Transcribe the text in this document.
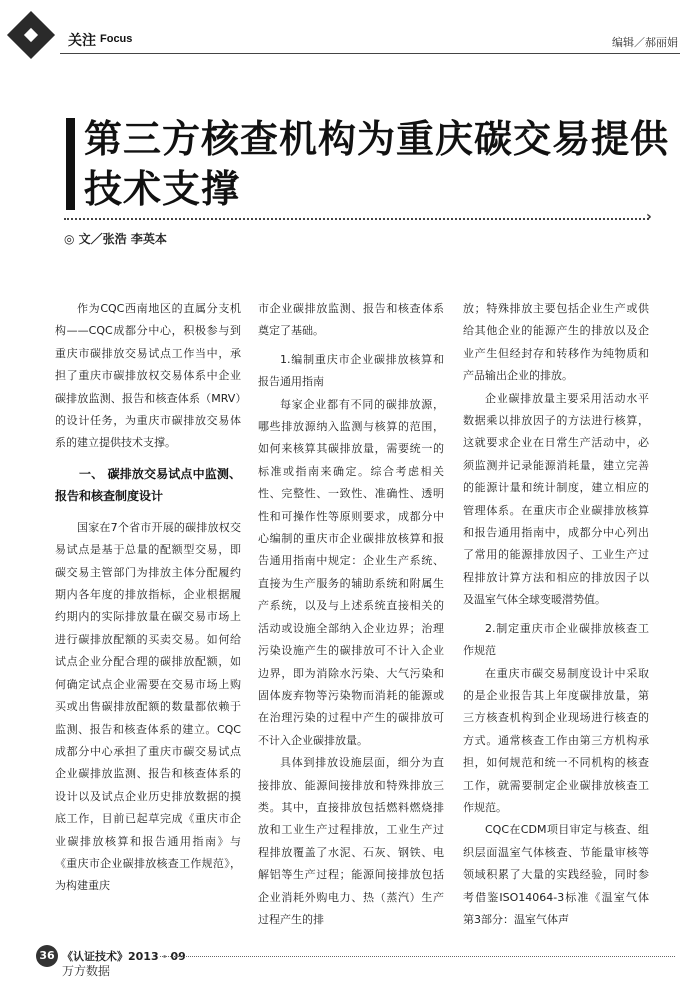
关注 Focus	编辑／郝丽娟
第三方核查机构为重庆碳交易提供技术支撑
›
◎ 文／张浩 李英本

作为CQC西南地区的直属分支机构——CQC成都分中心，积极参与到重庆市碳排放交易试点工作当中，承担了重庆市碳排放权交易体系中企业碳排放监测、报告和核查体系（MRV）的设计任务，为重庆市碳排放交易体系的建立提供技术支撑。

一、 碳排放交易试点中监测、报告和核查制度设计

国家在7个省市开展的碳排放权交易试点是基于总量的配额型交易，即碳交易主管部门为排放主体分配履约期内各年度的排放指标，企业根据履约期内的实际排放量在碳交易市场上进行碳排放配额的买卖交易。如何给试点企业分配合理的碳排放配额，如何确定试点企业需要在交易市场上购买或出售碳排放配额的数量都依赖于监测、报告和核查体系的建立。CQC成都分中心承担了重庆市碳交易试点企业碳排放监测、报告和核查体系的设计以及试点企业历史排放数据的摸底工作，目前已起草完成《重庆市企业碳排放核算和报告通用指南》与《重庆市企业碳排放核查工作规范》，为构建重庆

市企业碳排放监测、报告和核查体系奠定了基础。

1.编制重庆市企业碳排放核算和报告通用指南

每家企业都有不同的碳排放源，哪些排放源纳入监测与核算的范围，如何来核算其碳排放量，需要统一的标准或指南来确定。综合考虑相关性、完整性、一致性、准确性、透明性和可操作性等原则要求，成都分中心编制的重庆市企业碳排放核算和报告通用指南中规定：企业生产系统、直接为生产服务的辅助系统和附属生产系统，以及与上述系统直接相关的活动或设施全部纳入企业边界；治理污染设施产生的碳排放可不计入企业边界，即为消除水污染、大气污染和固体废弃物等污染物而消耗的能源或在治理污染的过程中产生的碳排放可不计入企业碳排放量。

具体到排放设施层面，细分为直接排放、能源间接排放和特殊排放三类。其中，直接排放包括燃料燃烧排放和工业生产过程排放，工业生产过程排放覆盖了水泥、石灰、钢铁、电解铝等生产过程；能源间接排放包括企业消耗外购电力、热（蒸汽）生产过程产生的排

放；特殊排放主要包括企业生产或供给其他企业的能源产生的排放以及企业产生但经封存和转移作为纯物质和产品输出企业的排放。

企业碳排放量主要采用活动水平数据乘以排放因子的方法进行核算，这就要求企业在日常生产活动中，必须监测并记录能源消耗量，建立完善的能源计量和统计制度，建立相应的管理体系。在重庆市企业碳排放核算和报告通用指南中，成都分中心列出了常用的能源排放因子、工业生产过程排放计算方法和相应的排放因子以及温室气体全球变暖潜势值。

2.制定重庆市企业碳排放核查工作规范

在重庆市碳交易制度设计中采取的是企业报告其上年度碳排放量，第三方核查机构到企业现场进行核查的方式。通常核查工作由第三方机构承担，如何规范和统一不同机构的核查工作，就需要制定企业碳排放核查工作规范。

CQC在CDM项目审定与核查、组织层面温室气体核查、节能量审核等领域积累了大量的实践经验，同时参考借鉴ISO14064-3标准《温室气体 第3部分：温室气体声

36 《认证技术》2013 · 09
万方数据
